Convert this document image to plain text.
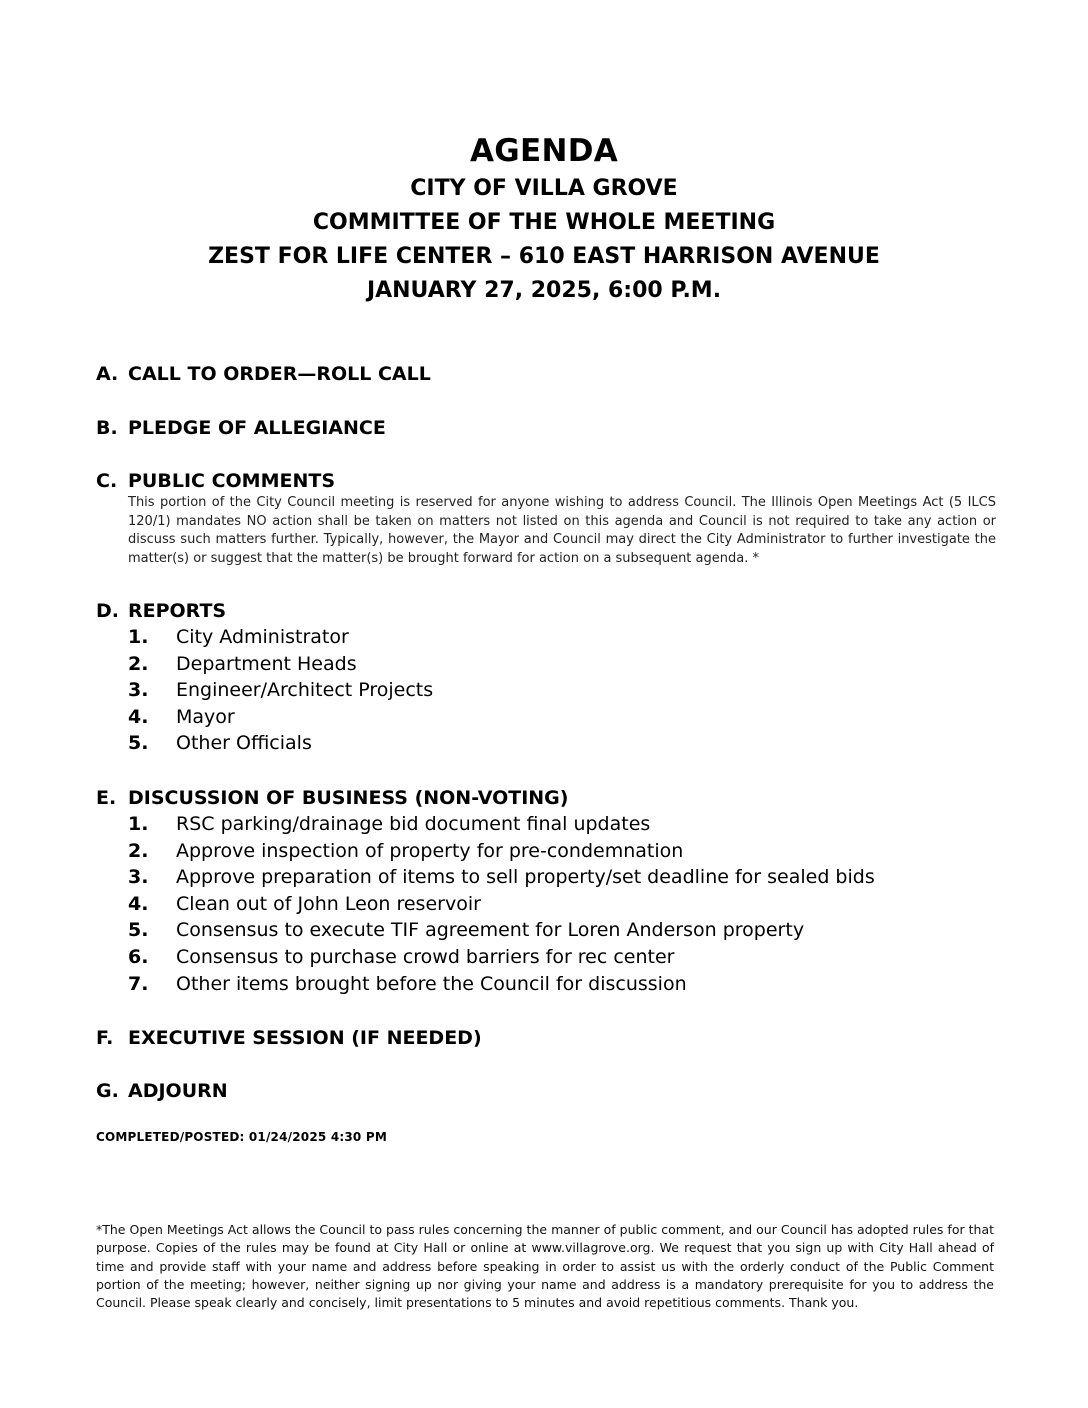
AGENDA
CITY OF VILLA GROVE
COMMITTEE OF THE WHOLE MEETING
ZEST FOR LIFE CENTER – 610 EAST HARRISON AVENUE
JANUARY 27, 2025, 6:00 P.M.
A. CALL TO ORDER—ROLL CALL
B. PLEDGE OF ALLEGIANCE
C. PUBLIC COMMENTS
This portion of the City Council meeting is reserved for anyone wishing to address Council. The Illinois Open Meetings Act (5 ILCS 120/1) mandates NO action shall be taken on matters not listed on this agenda and Council is not required to take any action or discuss such matters further. Typically, however, the Mayor and Council may direct the City Administrator to further investigate the matter(s) or suggest that the matter(s) be brought forward for action on a subsequent agenda. *
D. REPORTS
1.	City Administrator
2.	Department Heads
3.	Engineer/Architect Projects
4.	Mayor
5.	Other Officials
E. DISCUSSION OF BUSINESS (NON-VOTING)
1.	RSC parking/drainage bid document final updates
2.	Approve inspection of property for pre-condemnation
3.	Approve preparation of items to sell property/set deadline for sealed bids
4.	Clean out of John Leon reservoir
5.	Consensus to execute TIF agreement for Loren Anderson property
6.	Consensus to purchase crowd barriers for rec center
7.	Other items brought before the Council for discussion
F. EXECUTIVE SESSION (IF NEEDED)
G. ADJOURN
COMPLETED/POSTED: 01/24/2025 4:30 PM
*The Open Meetings Act allows the Council to pass rules concerning the manner of public comment, and our Council has adopted rules for that purpose. Copies of the rules may be found at City Hall or online at www.villagrove.org. We request that you sign up with City Hall ahead of time and provide staff with your name and address before speaking in order to assist us with the orderly conduct of the Public Comment portion of the meeting; however, neither signing up nor giving your name and address is a mandatory prerequisite for you to address the Council. Please speak clearly and concisely, limit presentations to 5 minutes and avoid repetitious comments. Thank you.
